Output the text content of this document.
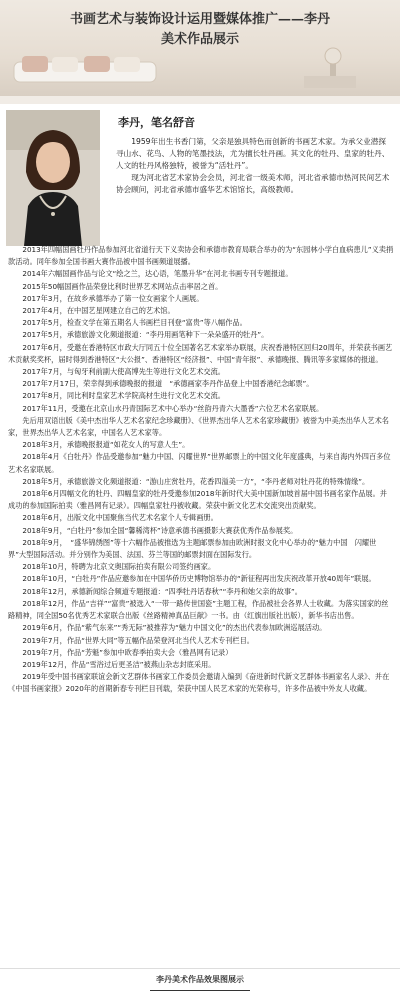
书画艺术与装饰设计运用暨媒体推广——李丹
美术作品展示
李丹，笔名舒音

1959年出生书香门第，父亲是独具特色而创新的书画艺术家。为承父业潜探寻山水、花鸟、人物的笔墨技法，尤为擅长牡丹画。其文化的牡丹、皇家的牡丹、人文的牡丹风格独特，被誉为“活牡丹”。

现为河北省艺术家协会会员，河北省一级美术师，河北省承德市热河民间艺术协会顾问，河北省承德市盛华艺术馆馆长，高级教师。

2013年四幅国画牡丹作品参加河北省道行天下义卖协会和承德市教育局联合举办的为“东园林小学白血病患儿”义卖捐款活动。同年参加全国书画大赛作品被中国书画频道展播。

2014年六幅国画作品与论文“绘之兰，达心语，笔墨升华”在河北书画专刊专题报道。

2015年50幅国画作品荣登比利时世界艺术网站点击率居之首。

2017年3月，在故乡承德举办了第一位女画家个人画展。

2017年4月，在中国艺星网建立自己的艺术馆。

2017年5月，检查文学在第五期名人书画栏目刊登“富贵”等八幅作品。

2017年5月，承德旅游文化频道报道：“李丹用画笔种下一朵朵盛开的牡丹”。

2017年6月，受邀在香港特区市政大厅同五十位全国著名艺术家举办联展，庆祝香港特区回归20周年，并荣获书画艺术贡献奖奖杯，届时得到香港特区“大公报”、香港特区“经济报”、中国“青年报”、承德晚报、腾讯等多家媒体的报道。

2017年7月，与匈牙利前副大使高博先生等进行文化艺术交流。

2017年7月17日，荣幸得到承德晚报的报道　“承德画家李丹作品登上中国香港纪念邮票”。

2017年8月，同比利时皇家艺术学院高材生进行文化艺术交流。

2017年11月，受邀在北京山水丹青国际艺术中心举办“丝韵丹青六大墨香”六位艺术名家联展。

先后用双语出版《美中杰出华人艺术名家纪念珍藏册》、《世界杰出华人艺术名家珍藏册》被誉为中美杰出华人艺术名家，世界杰出华人艺术名家，中国名人艺术家等。

2018年3月，承德晚报报道“如花女人的写意人生”。

2018年4月《白牡丹》作品受邀参加“魅力中国、闪耀世界”世界邮票上的中国文化年度盛典，与来自海内外四百多位艺术名家联展。

2018年5月，承德旅游文化频道报道：“游山庄赏牡丹，花香四溢美一方”，“李丹老师对牡丹花的特殊情缘”。

2018年6月四幅文化的牡丹、四幅皇家的牡丹受邀参加2018年新时代大美中国新加坡首届中国书画名家作品展。并成功的参加国际拍卖（雅昌网有记录）。四幅皇家牡丹被收藏。荣获中新文化艺术交流突出贡献奖。

2018年6月，出版文化中国聚焦当代艺术名家个人专辑画册。

2018年9月，“白牡丹”参加全国“馨稀湾杯”诗意承德书画摄影大赛获优秀作品参展奖。

2018年9月，　“盛华锦绣图”等十六幅作品被推选为主题邮票参加由欧洲时报文化中心举办的“魅力中国　闪耀世界”大型国际活动。并分别作为美国、法国、芬兰等国的邮票封面在国际发行。

2018年10月，特聘为北京文奥国际拍卖有限公司签约画家。

2018年10月，“白牡丹”作品应邀参加在中国华侨历史博物馆举办的“新征程再出发庆祝改革开放40周年”联展。

2018年12月，承德新闻综合频道专题报道：“四季牡丹话春秋”“李丹和她父亲的故事”。

2018年12月，作品“吉祥”“富贵”被选入“一带一路传世国瓷”主题工程，作品被社会各界人士收藏。为落实国家的丝路精神，同全国50名优秀艺术家联合出版《丝路精神真品巨献》一书。由（红旗出版社出版），新华书店出售。

2019年6月，作品“紫气东来”“秀无际”被推荐为“魅力中国文化”的杰出代表参加欧洲巡展活动。

2019年7月，作品“世界大同”等五幅作品荣登河北当代人艺术专刊栏目。

2019年7月，作品“芳魁”参加中欧春季拍卖大会（雅昌网有记录）

2019年12月，作品“雪浴过后更圣洁”被燕山杂志封底采用。

2019年受中国书画家联谊会新文艺群体书画家工作委员会邀请入编到《奋进新时代新文艺群体书画家名人录》、并在《中国书画家报》2020年的首期新春专刊栏目刊载，荣获中国人民艺术家的光荣称号，许多作品被中外友人收藏。

李丹美术作品效果图展示
